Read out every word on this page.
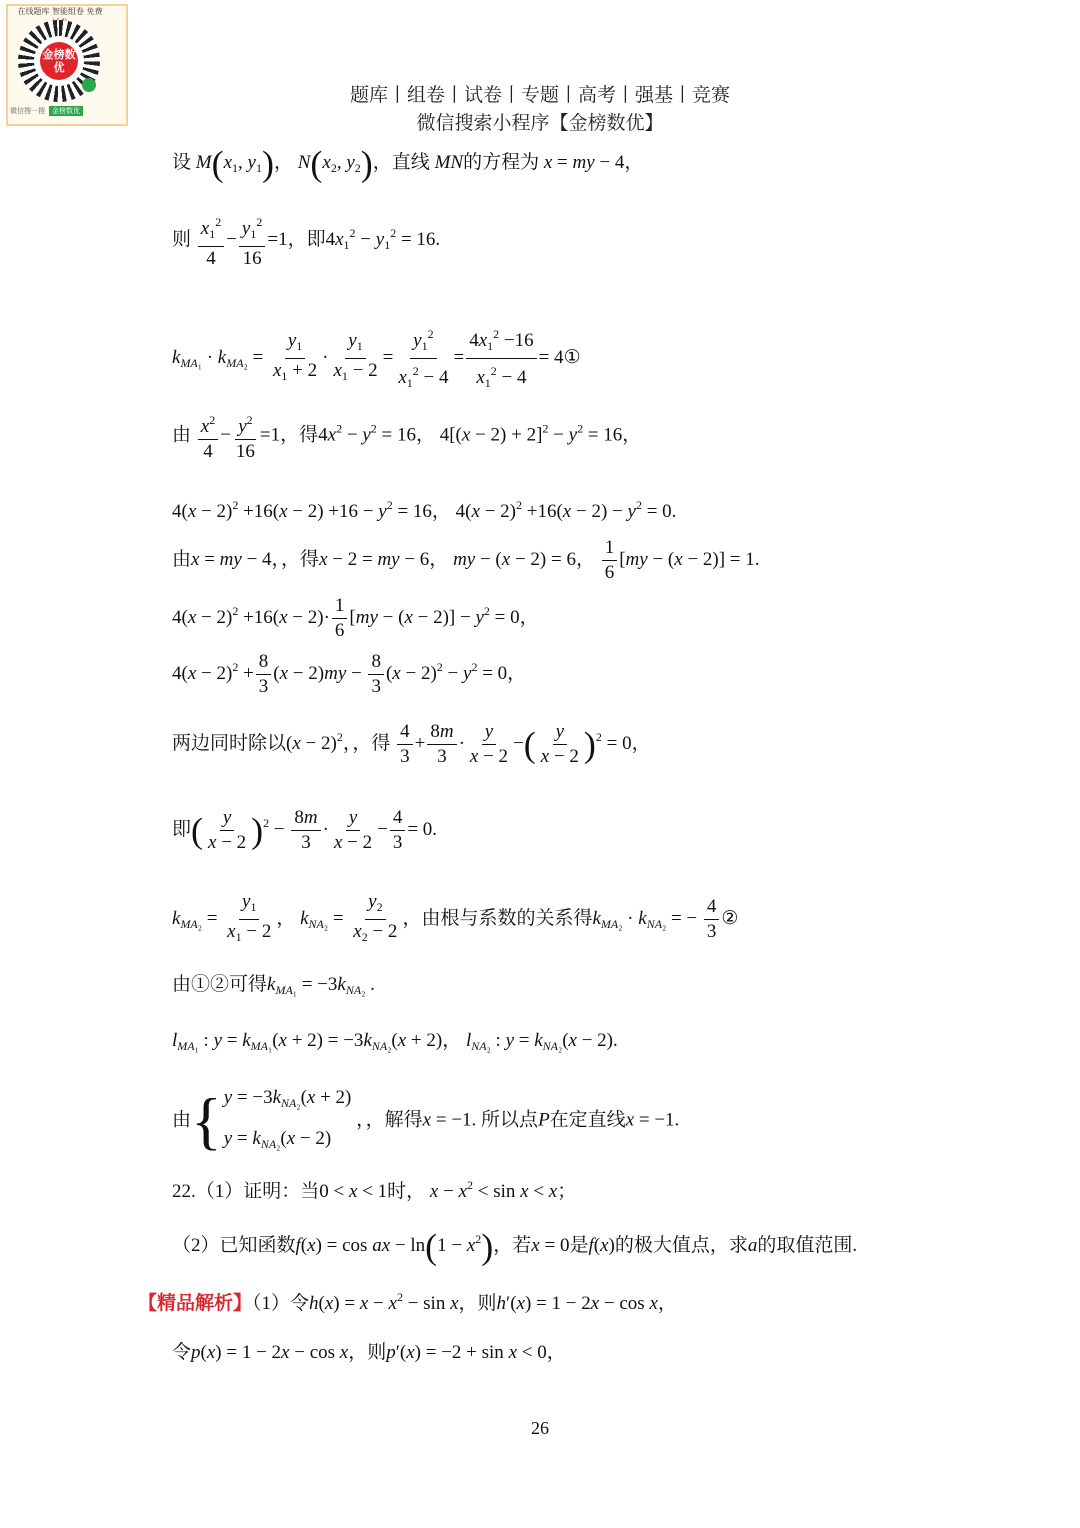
在线题库 智能组卷 免费
金榜数优
微信搜一搜 金榜数优
题库丨组卷丨试卷丨专题丨高考丨强基丨竞赛
微信搜索小程序【金榜数优】
设 $M(x_1$, $y_1$)， $N(x_2$, $y_2$)，直线 MN的方程为 x = my − 4，
则 $\frac{x_1^2}{4} - \frac{y_1^2}{16} =1$，即$4x_1^2 - y_1^2 = 16$.
$k_{MA_1} \cdot k_{MA_2} = \frac{y_1}{x_1 + 2} \cdot \frac{y_1}{x_1 - 2} = \frac{y_1^2}{x_1^2 - 4} = \frac{4x_1^2 -16}{x_1^2 - 4}$ = 4①
由 $\frac{x^2}{4} - \frac{y^2}{16} =1$，得$4x^2 - y^2 = 16$， $4[(x - 2) + 2]^2 - y^2 = 16$，
$4(x - 2)^2 +16(x - 2) +16 - y^2 = 16$， $4(x - 2)^2 +16(x - 2) - y^2 = 0$.
由x = my − 4，，得x − 2 = my − 6， my − (x − 2) = 6， $\frac{1}{6} [my - (x - 2)] = 1$.
$4(x - 2)^2 +16(x - 2)\cdot \frac{1}{6} [my - (x - 2)] - y^2 = 0$，
$4(x - 2)^2 + \frac{8}{3} (x - 2)my - \frac{8}{3} (x - 2)^2 - y^2 = 0$，
两边同时除以$(x - 2)^2$，，得 $\frac{4}{3} + \frac{8m}{3} \cdot \frac{y}{x - 2}$ −( $\frac{y}{x - 2} )^2 = 0$，
即( $\frac{y}{x - 2} )^2 - \frac{8m}{3} \cdot \frac{y}{x - 2} - \frac{4}{3} = 0$.
$k_{MA_2} = \frac{y_1}{x_1 - 2}$ ， $k_{NA_2} = \frac{y_2}{x_2 - 2}$ ，由根与系数的关系得$k_{MA_2} \cdot k_{NA_2}$ = − $\frac{4}{3}$ ②
由①②可得$k_{MA_1} = -3k_{NA_2}$ .
$l_{MA_1}$ : $y = k_{MA_1}(x + 2) = -3k_{NA_2}(x + 2)$， $l_{NA_2}$ : $y = k_{NA_2}(x - 2)$.
由{ $y = -3k_{NA_2}(x + 2)$
$y = k_{NA_2}(x - 2)$ ，，解得x = −1. 所以点P在定直线x = −1.
22.（1）证明：当0 < x < 1时， $x - x^2 < \sin x < x$；
（2）已知函数f(x) = cos ax − $\ln(1 - x^2)$，若x = 0是f(x)的极大值点，求a的取值范围.
【精品解析】（1）令$h(x) = x - x^2 - \sin x$，则h′(x) = 1 − 2x − cos x，
令p(x) = 1 − 2x − cos x，则p′(x) = −2 + sin x < 0，
26
